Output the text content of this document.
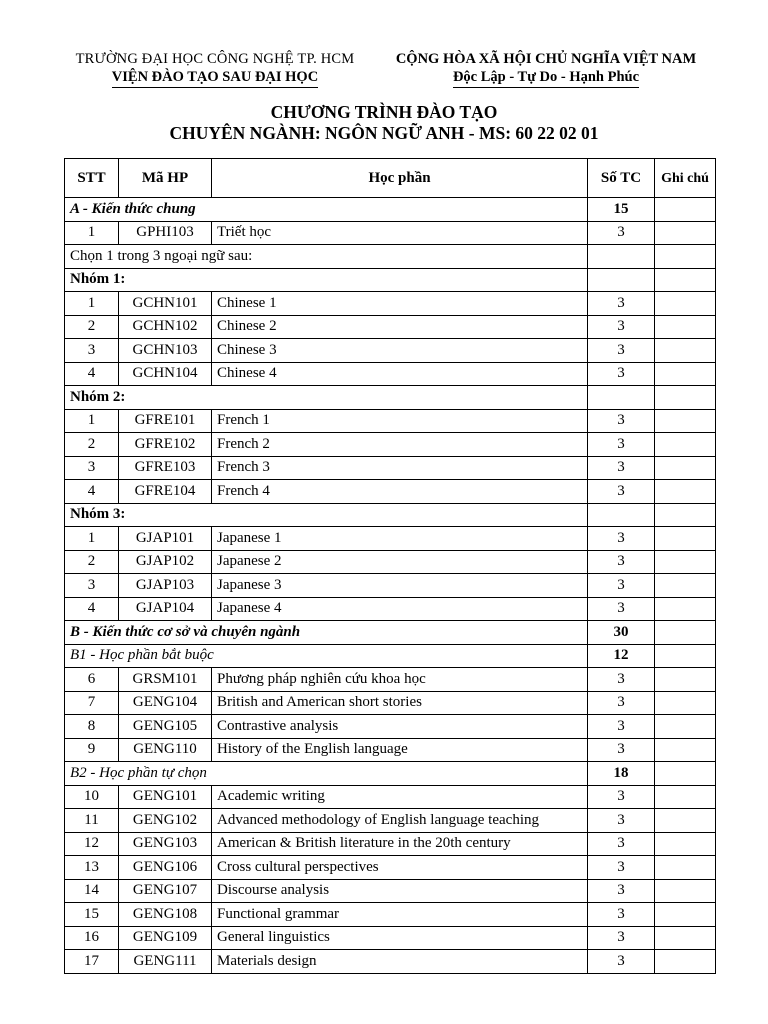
TRƯỜNG ĐẠI HỌC CÔNG NGHỆ TP. HCM
VIỆN ĐÀO TẠO SAU ĐẠI HỌC
CỘNG HÒA XÃ HỘI CHỦ NGHĨA VIỆT NAM
Độc Lập - Tự Do - Hạnh Phúc
CHƯƠNG TRÌNH ĐÀO TẠO
CHUYÊN NGÀNH: NGÔN NGỮ ANH - MS: 60 22 02 01
STT	Mã HP	Học phần	Số TC	Ghi chú
A - Kiến thức chung			15	
1	GPHI103	Triết học	3	
Chọn 1 trong 3 ngoại ngữ sau:				
Nhóm 1:				
1	GCHN101	Chinese 1	3	
2	GCHN102	Chinese 2	3	
3	GCHN103	Chinese 3	3	
4	GCHN104	Chinese 4	3	
Nhóm 2:				
1	GFRE101	French 1	3	
2	GFRE102	French 2	3	
3	GFRE103	French 3	3	
4	GFRE104	French 4	3	
Nhóm 3:				
1	GJAP101	Japanese 1	3	
2	GJAP102	Japanese 2	3	
3	GJAP103	Japanese 3	3	
4	GJAP104	Japanese 4	3	
B - Kiến thức cơ sở và chuyên ngành			30	
B1 - Học phần bắt buộc			12	
6	GRSM101	Phương pháp nghiên cứu khoa học	3	
7	GENG104	British and American short stories	3	
8	GENG105	Contrastive analysis	3	
9	GENG110	History of the English language	3	
B2 - Học phần tự chọn			18	
10	GENG101	Academic writing	3	
11	GENG102	Advanced methodology of English language teaching	3	
12	GENG103	American & British literature in the 20th century	3	
13	GENG106	Cross cultural perspectives	3	
14	GENG107	Discourse analysis	3	
15	GENG108	Functional grammar	3	
16	GENG109	General linguistics	3	
17	GENG111	Materials design	3	
